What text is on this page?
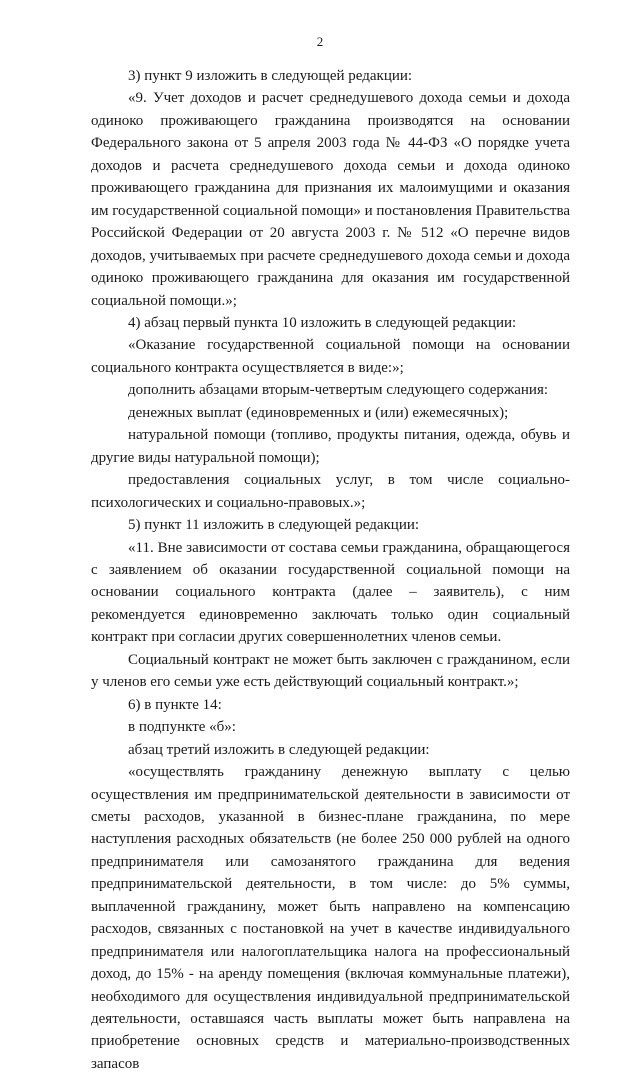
2

3) пункт 9 изложить в следующей редакции:

«9. Учет доходов и расчет среднедушевого дохода семьи и дохода одиноко проживающего гражданина производятся на основании Федерального закона от 5 апреля 2003 года № 44-ФЗ «О порядке учета доходов и расчета среднедушевого дохода семьи и дохода одиноко проживающего гражданина для признания их малоимущими и оказания им государственной социальной помощи» и постановления Правительства Российской Федерации от 20 августа 2003 г. № 512 «О перечне видов доходов, учитываемых при расчете среднедушевого дохода семьи и дохода одиноко проживающего гражданина для оказания им государственной социальной помощи.»;

4) абзац первый пункта 10 изложить в следующей редакции:

«Оказание государственной социальной помощи на основании социального контракта осуществляется в виде:»;

дополнить абзацами вторым-четвертым следующего содержания:

денежных выплат (единовременных и (или) ежемесячных);

натуральной помощи (топливо, продукты питания, одежда, обувь и другие виды натуральной помощи);

предоставления социальных услуг, в том числе социально-психологических и социально-правовых.»;

5) пункт 11 изложить в следующей редакции:

«11. Вне зависимости от состава семьи гражданина, обращающегося с заявлением об оказании государственной социальной помощи на основании социального контракта (далее – заявитель), с ним рекомендуется единовременно заключать только один социальный контракт при согласии других совершеннолетних членов семьи.

Социальный контракт не может быть заключен с гражданином, если у членов его семьи уже есть действующий социальный контракт.»;

6) в пункте 14:

в подпункте «б»:

абзац третий изложить в следующей редакции:

«осуществлять гражданину денежную выплату с целью осуществления им предпринимательской деятельности в зависимости от сметы расходов, указанной в бизнес-плане гражданина, по мере наступления расходных обязательств (не более 250 000 рублей на одного предпринимателя или самозанятого гражданина для ведения предпринимательской деятельности, в том числе: до 5% суммы, выплаченной гражданину, может быть направлено на компенсацию расходов, связанных с постановкой на учет в качестве индивидуального предпринимателя или налогоплательщика налога на профессиональный доход, до 15% - на аренду помещения (включая коммунальные платежи), необходимого для осуществления индивидуальной предпринимательской деятельности, оставшаяся часть выплаты может быть направлена на приобретение основных средств и материально-производственных запасов
